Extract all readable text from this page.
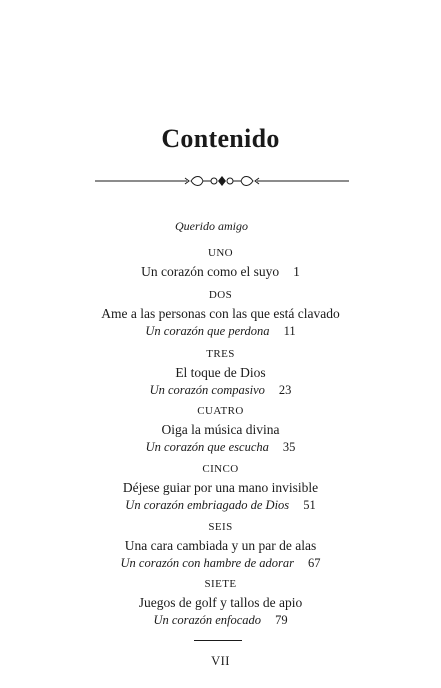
Contenido
Querido amigo
UNO
Un corazón como el suyo 1
DOS
Ame a las personas con las que está clavado
Un corazón que perdona 11
TRES
El toque de Dios
Un corazón compasivo 23
CUATRO
Oiga la música divina
Un corazón que escucha 35
CINCO
Déjese guiar por una mano invisible
Un corazón embriagado de Dios 51
SEIS
Una cara cambiada y un par de alas
Un corazón con hambre de adorar 67
SIETE
Juegos de golf y tallos de apio
Un corazón enfocado 79
VII
